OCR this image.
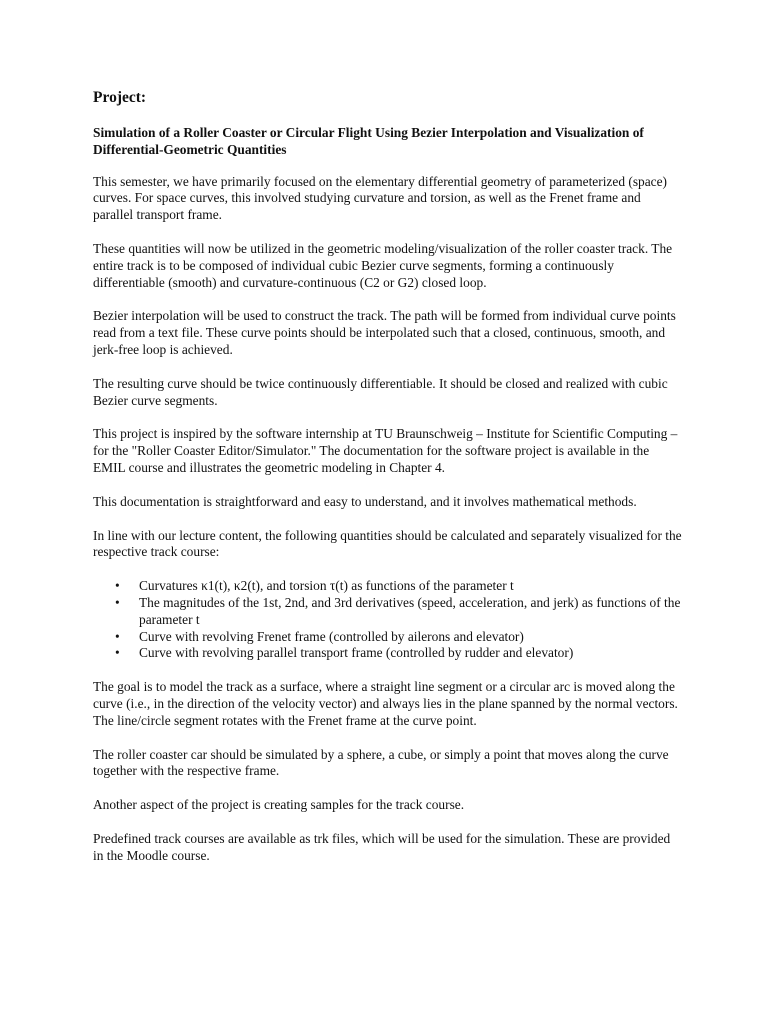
Project:
Simulation of a Roller Coaster or Circular Flight Using Bezier Interpolation and Visualization of Differential-Geometric Quantities

This semester, we have primarily focused on the elementary differential geometry of parameterized (space) curves. For space curves, this involved studying curvature and torsion, as well as the Frenet frame and parallel transport frame.

These quantities will now be utilized in the geometric modeling/visualization of the roller coaster track. The entire track is to be composed of individual cubic Bezier curve segments, forming a continuously differentiable (smooth) and curvature-continuous (C2 or G2) closed loop.

Bezier interpolation will be used to construct the track. The path will be formed from individual curve points read from a text file. These curve points should be interpolated such that a closed, continuous, smooth, and jerk-free loop is achieved.

The resulting curve should be twice continuously differentiable. It should be closed and realized with cubic Bezier curve segments.

This project is inspired by the software internship at TU Braunschweig – Institute for Scientific Computing – for the "Roller Coaster Editor/Simulator." The documentation for the software project is available in the EMIL course and illustrates the geometric modeling in Chapter 4.

This documentation is straightforward and easy to understand, and it involves mathematical methods.

In line with our lecture content, the following quantities should be calculated and separately visualized for the respective track course:

• Curvatures κ1(t), κ2(t), and torsion τ(t) as functions of the parameter t
• The magnitudes of the 1st, 2nd, and 3rd derivatives (speed, acceleration, and jerk) as functions of the parameter t
• Curve with revolving Frenet frame (controlled by ailerons and elevator)
• Curve with revolving parallel transport frame (controlled by rudder and elevator)

The goal is to model the track as a surface, where a straight line segment or a circular arc is moved along the curve (i.e., in the direction of the velocity vector) and always lies in the plane spanned by the normal vectors. The line/circle segment rotates with the Frenet frame at the curve point.

The roller coaster car should be simulated by a sphere, a cube, or simply a point that moves along the curve together with the respective frame.

Another aspect of the project is creating samples for the track course.

Predefined track courses are available as trk files, which will be used for the simulation. These are provided in the Moodle course.
